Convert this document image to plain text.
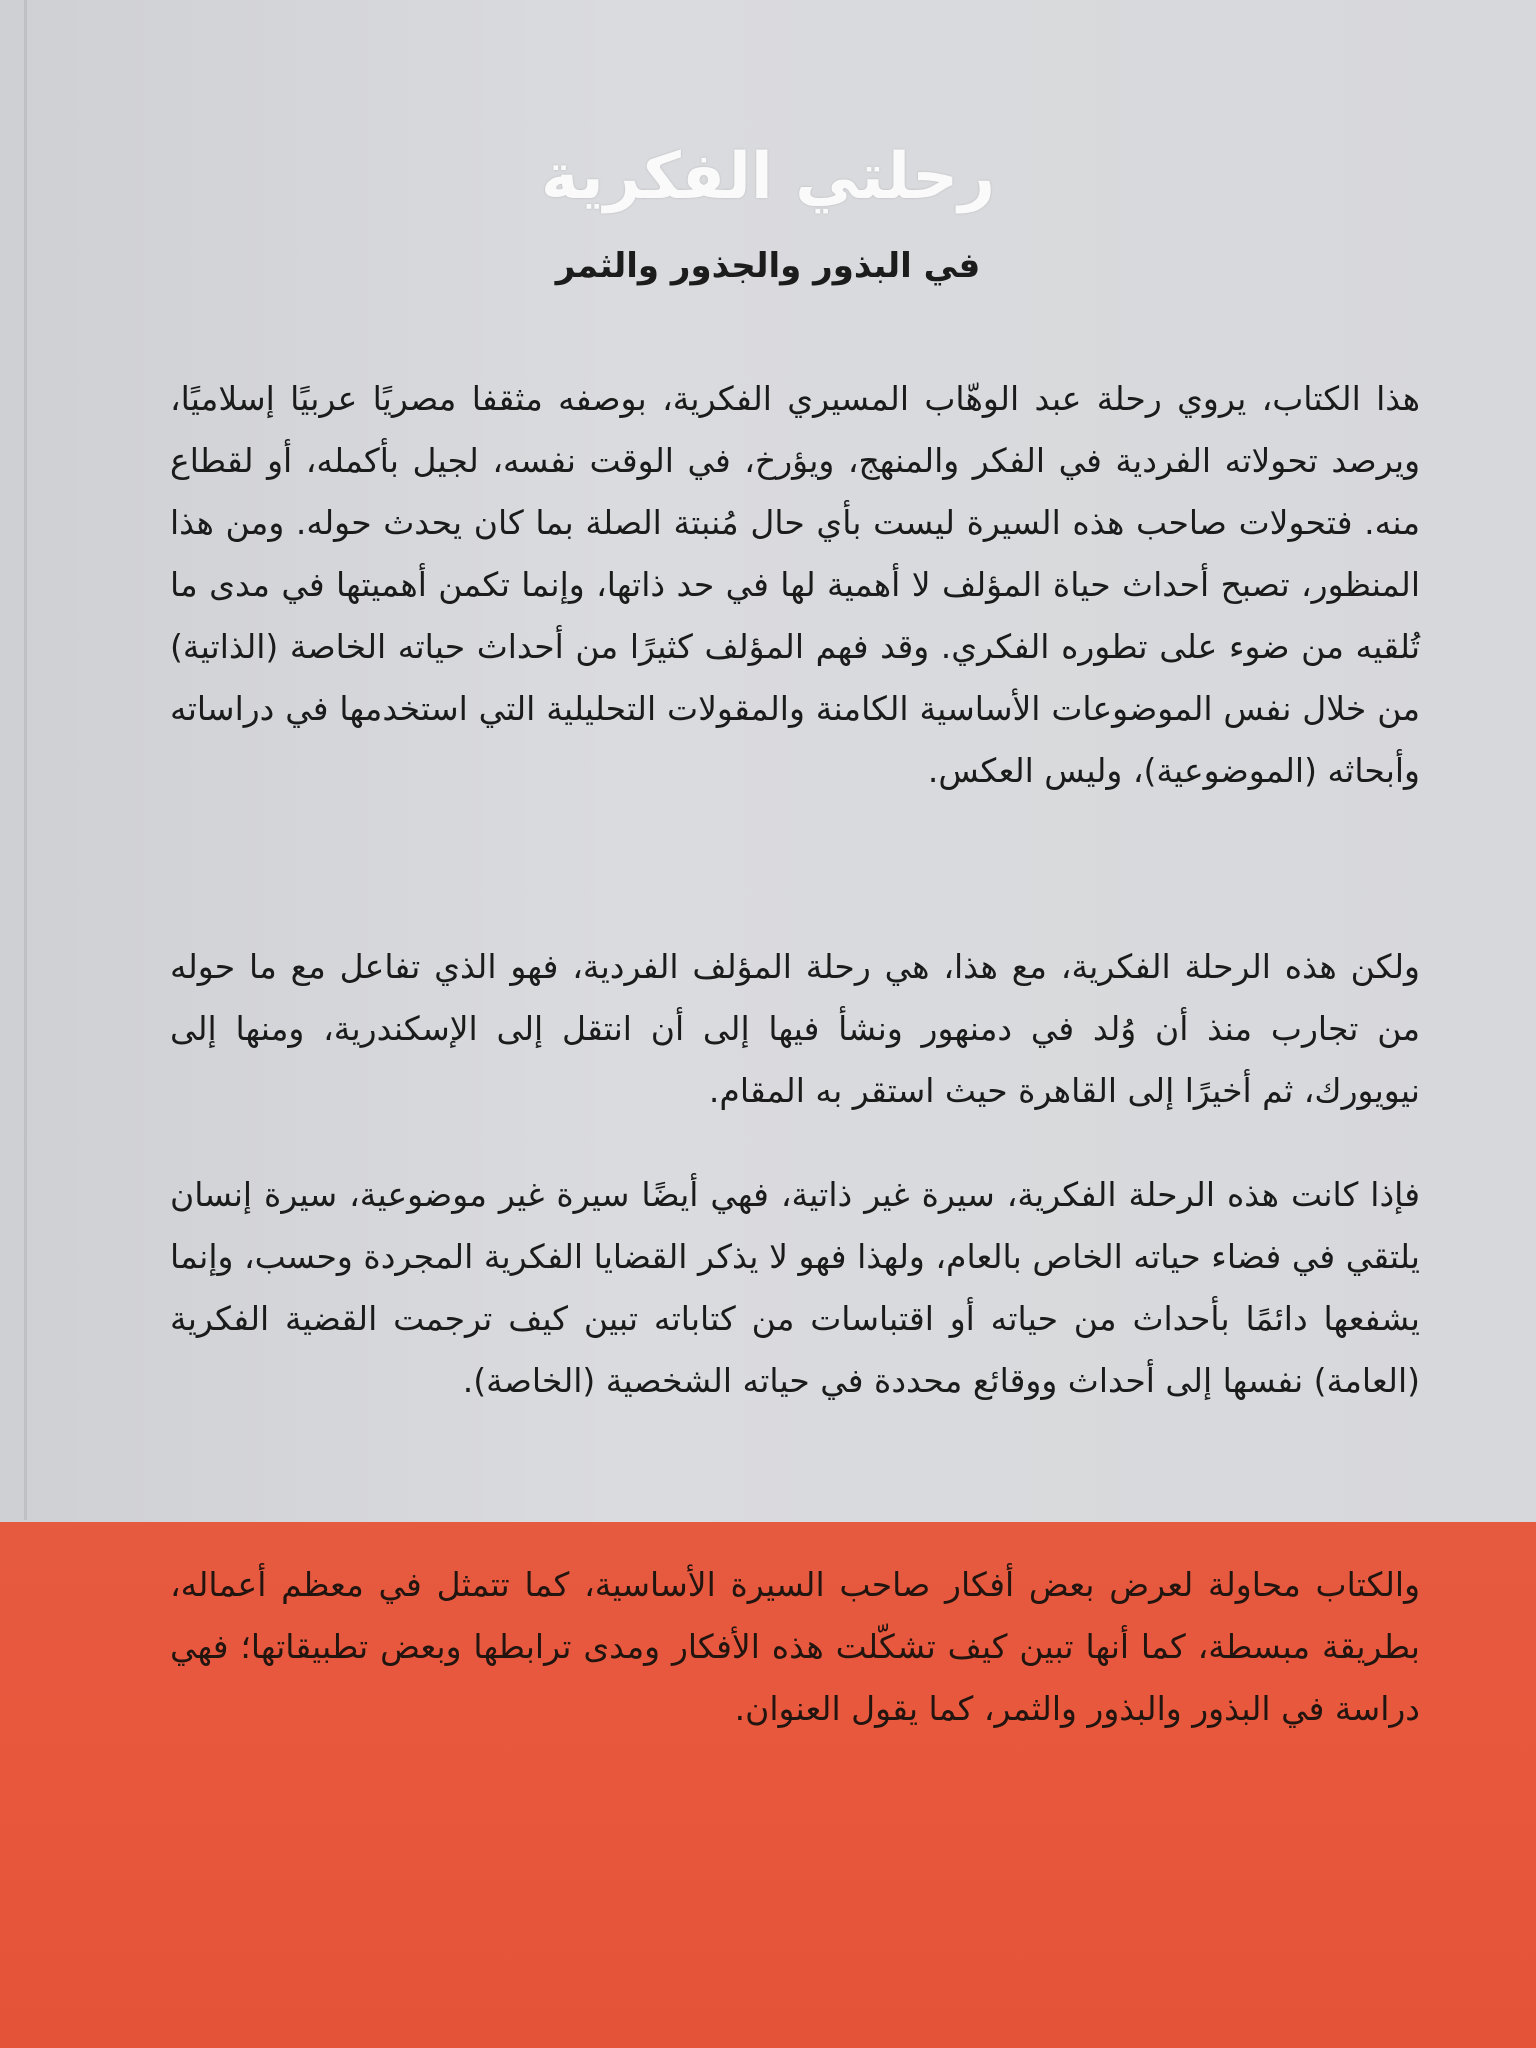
رحلتي الفكرية
في البذور والجذور والثمر

هذا الكتاب، يروي رحلة عبد الوهّاب المسيري الفكرية، بوصفه مثقفا مصريًا عربيًا إسلاميًا، ويرصد تحولاته الفردية في الفكر والمنهج، ويؤرخ، في الوقت نفسه، لجيل بأكمله، أو لقطاع منه. فتحولات صاحب هذه السيرة ليست بأي حال مُنبتة الصلة بما كان يحدث حوله. ومن هذا المنظور، تصبح أحداث حياة المؤلف لا أهمية لها في حد ذاتها، وإنما تكمن أهميتها في مدى ما تُلقيه من ضوء على تطوره الفكري. وقد فهم المؤلف كثيرًا من أحداث حياته الخاصة (الذاتية) من خلال نفس الموضوعات الأساسية الكامنة والمقولات التحليلية التي استخدمها في دراساته وأبحاثه (الموضوعية)، وليس العكس.

ولكن هذه الرحلة الفكرية، مع هذا، هي رحلة المؤلف الفردية، فهو الذي تفاعل مع ما حوله من تجارب منذ أن وُلد في دمنهور ونشأ فيها إلى أن انتقل إلى الإسكندرية، ومنها إلى نيويورك، ثم أخيرًا إلى القاهرة حيث استقر به المقام.

فإذا كانت هذه الرحلة الفكرية، سيرة غير ذاتية، فهي أيضًا سيرة غير موضوعية، سيرة إنسان يلتقي في فضاء حياته الخاص بالعام، ولهذا فهو لا يذكر القضايا الفكرية المجردة وحسب، وإنما يشفعها دائمًا بأحداث من حياته أو اقتباسات من كتاباته تبين كيف ترجمت القضية الفكرية (العامة) نفسها إلى أحداث ووقائع محددة في حياته الشخصية (الخاصة).

والكتاب محاولة لعرض بعض أفكار صاحب السيرة الأساسية، كما تتمثل في معظم أعماله، بطريقة مبسطة، كما أنها تبين كيف تشكّلت هذه الأفكار ومدى ترابطها وبعض تطبيقاتها؛ فهي دراسة في البذور والبذور والثمر، كما يقول العنوان.
